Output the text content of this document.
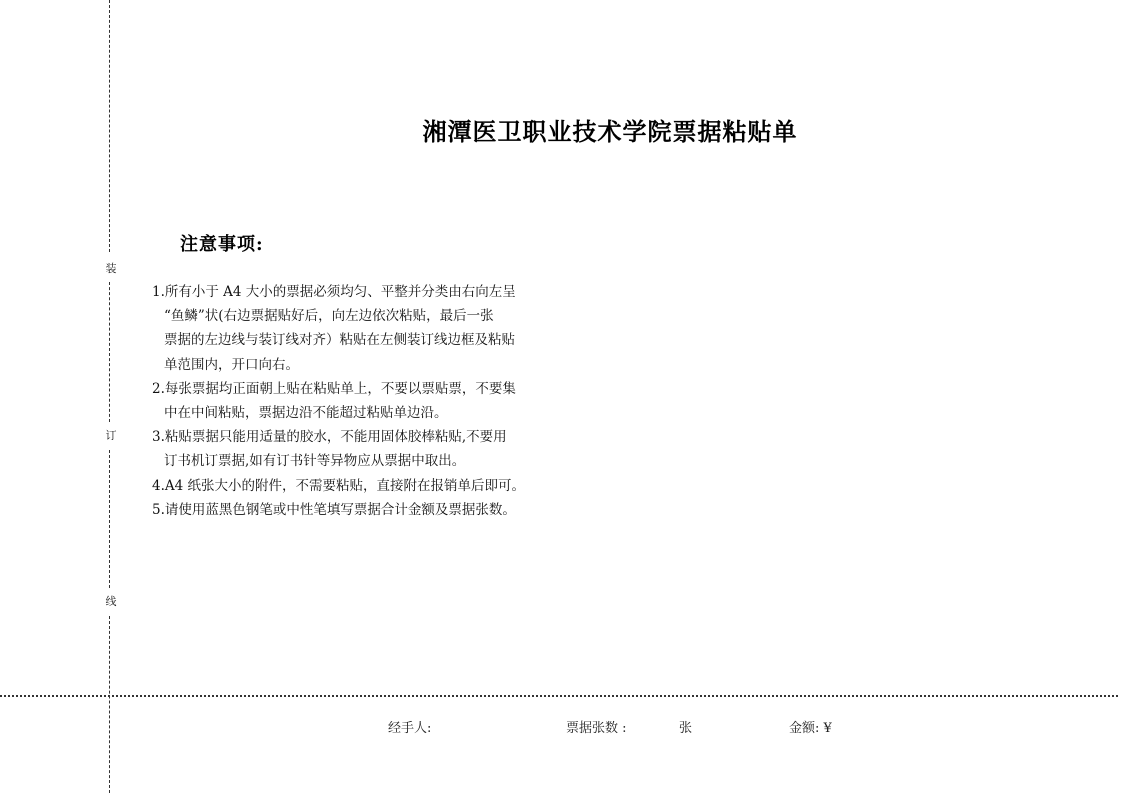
装
订
线
湘潭医卫职业技术学院票据粘贴单
注意事项:
1.所有小于 A4 大小的票据必须均匀、平整并分类由右向左呈
“鱼鳞”状(右边票据贴好后，向左边依次粘贴，最后一张
票据的左边线与装订线对齐）粘贴在左侧装订线边框及粘贴
单范围内，开口向右。
2.每张票据均正面朝上贴在粘贴单上，不要以票贴票，不要集
中在中间粘贴，票据边沿不能超过粘贴单边沿。
3.粘贴票据只能用适量的胶水，不能用固体胶棒粘贴,不要用
订书机订票据,如有订书针等异物应从票据中取出。
4.A4 纸张大小的附件，不需要粘贴，直接附在报销单后即可。
5.请使用蓝黑色钢笔或中性笔填写票据合计金额及票据张数。
经手人:	票据张数 :	张	金额: ¥
